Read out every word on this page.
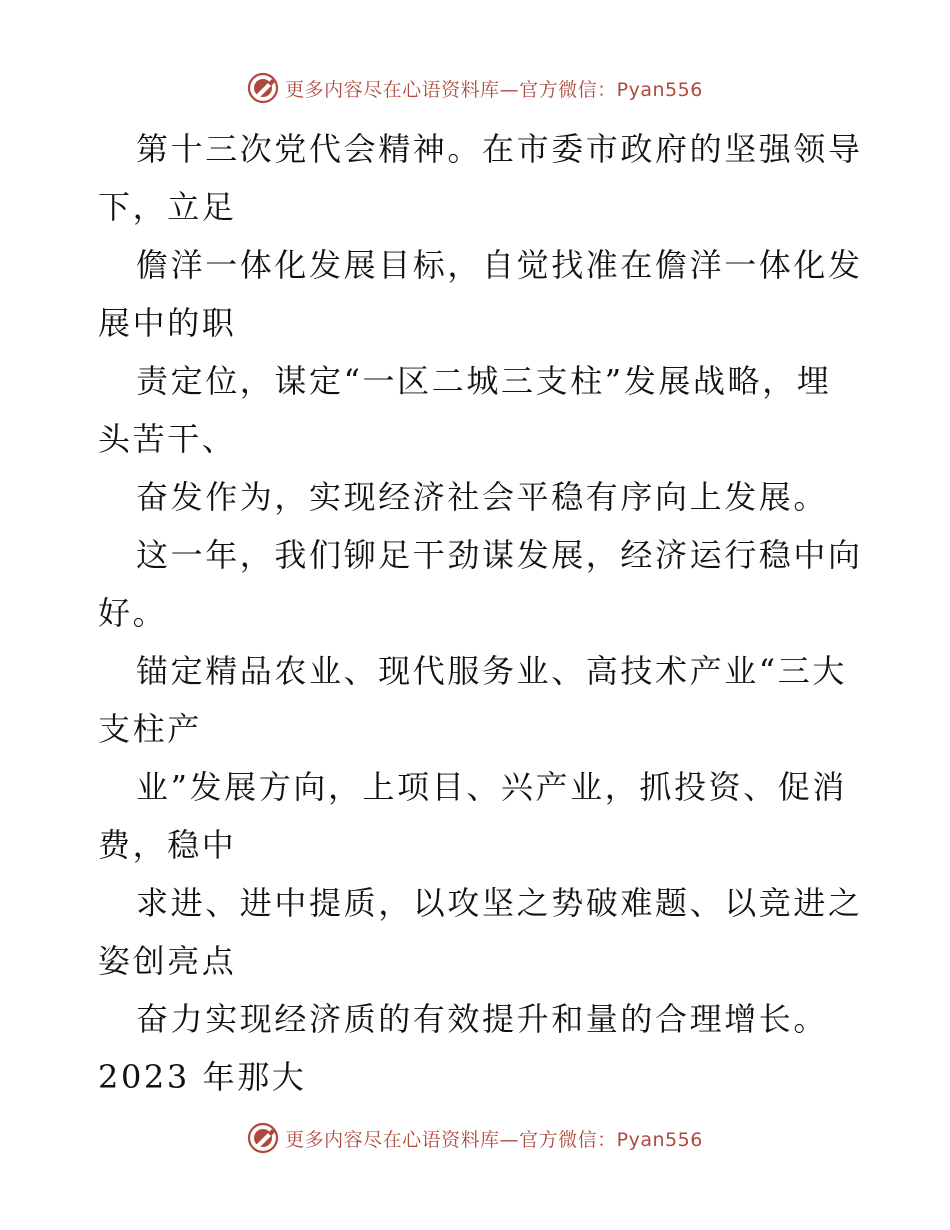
更多内容尽在心语资料库—官方微信：Pyan556
第十三次党代会精神。在市委市政府的坚强领导
下，立足
儋洋一体化发展目标，自觉找准在儋洋一体化发
展中的职
责定位，谋定“一区二城三支柱”发展战略，埋
头苦干、
奋发作为，实现经济社会平稳有序向上发展。
这一年，我们铆足干劲谋发展，经济运行稳中向
好。
锚定精品农业、现代服务业、高技术产业“三大
支柱产
业”发展方向，上项目、兴产业，抓投资、促消
费，稳中
求进、进中提质，以攻坚之势破难题、以竞进之
姿创亮点
奋力实现经济质的有效提升和量的合理增长。
2023 年那大
更多内容尽在心语资料库—官方微信：Pyan556
